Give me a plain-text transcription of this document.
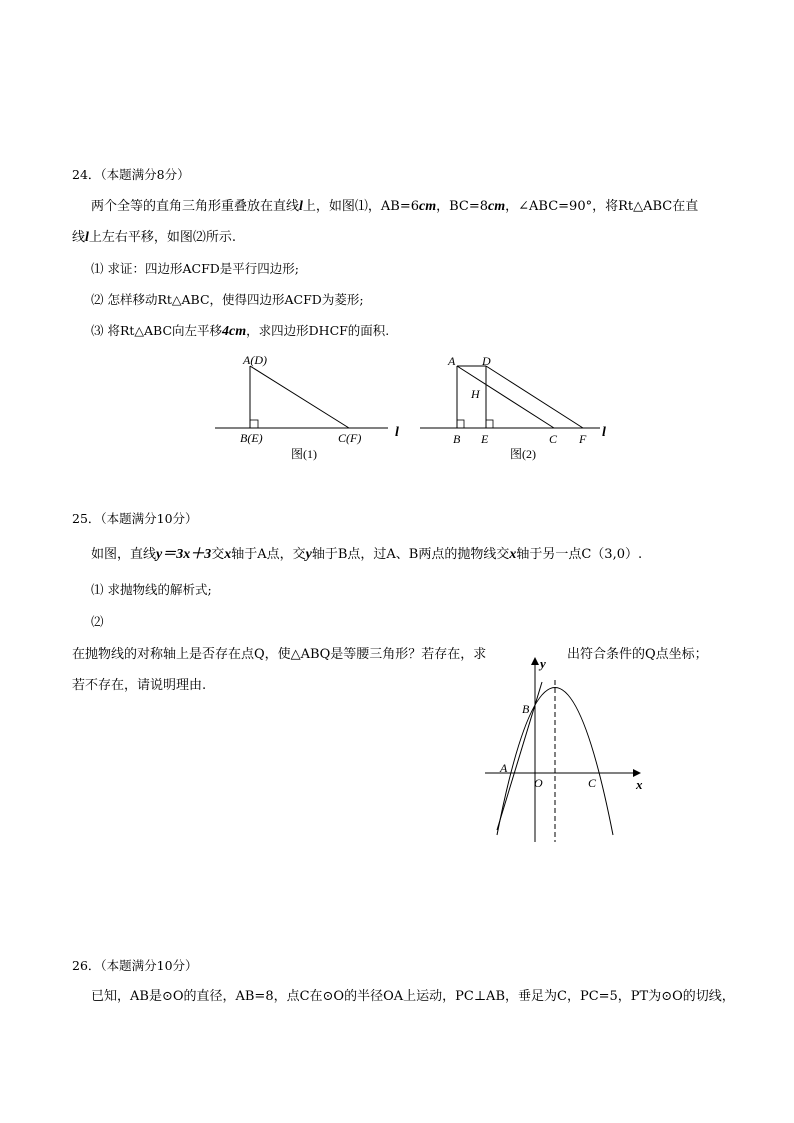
24．（本题满分8分）
两个全等的直角三角形重叠放在直线l上，如图⑴，AB=6cm，BC=8cm，∠ABC=90°，将Rt△ABC在直
线l上左右平移，如图⑵所示.
⑴ 求证：四边形ACFD是平行四边形;
⑵ 怎样移动Rt△ABC，使得四边形ACFD为菱形;
⑶ 将Rt△ABC向左平移4cm，求四边形DHCF的面积.
A(D)
B(E)	C(F) l
图(1)
A D
H
B E	C F l
图(2)
25．（本题满分10分）
如图，直线y＝3x＋3交x轴于A点，交y轴于B点，过A、B两点的抛物线交x轴于另一点C（3,0）.
⑴ 求抛物线的解析式;
⑵
在抛物线的对称轴上是否存在点Q，使△ABQ是等腰三角形？若存在，求	出符合条件的Q点坐标；
若不存在，请说明理由.
y
B
A
O	C	x
26．（本题满分10分）
已知，AB是⊙O的直径，AB=8，点C在⊙O的半径OA上运动，PC⊥AB，垂足为C，PC=5，PT为⊙O的切线，
